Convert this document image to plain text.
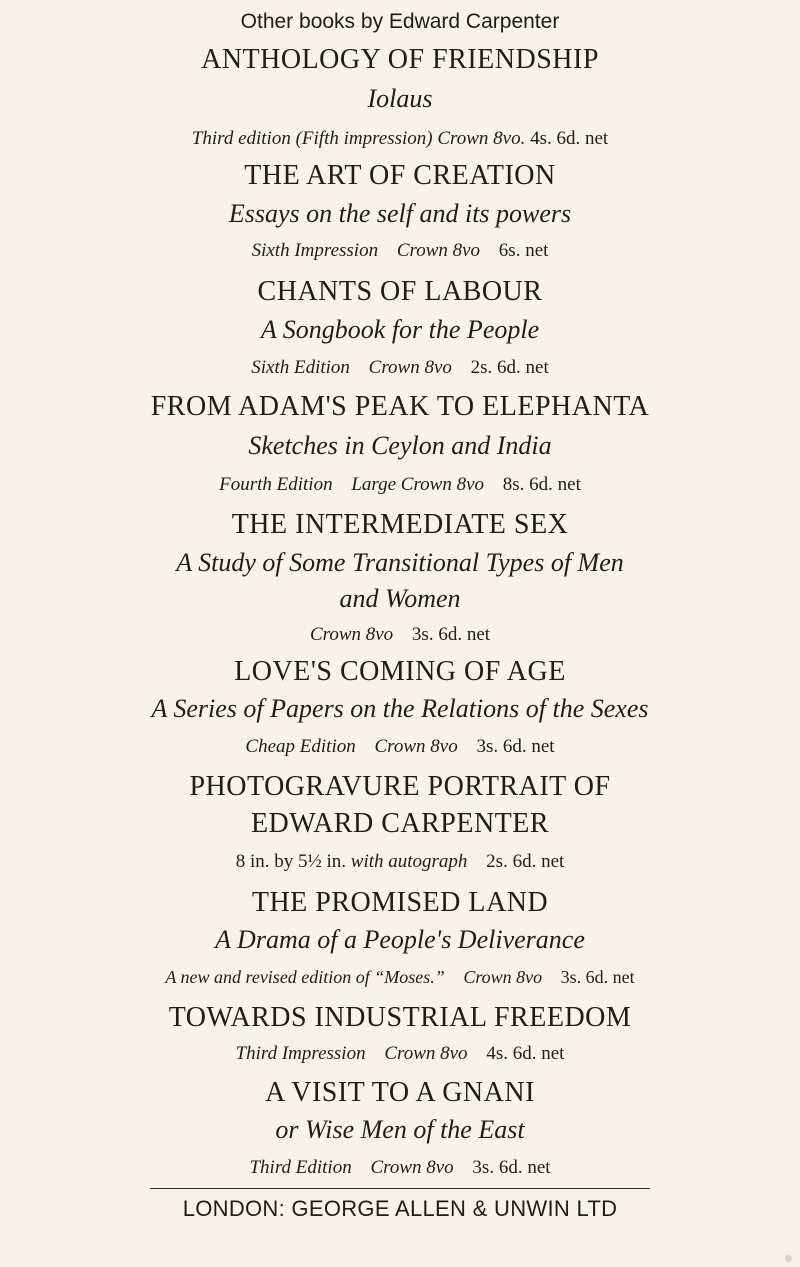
Other books by Edward Carpenter
ANTHOLOGY OF FRIENDSHIP
Iolaus
Third edition (Fifth impression) Crown 8vo. 4s. 6d. net
THE ART OF CREATION
Essays on the self and its powers
Sixth Impression Crown 8vo 6s. net
CHANTS OF LABOUR
A Songbook for the People
Sixth Edition Crown 8vo 2s. 6d. net
FROM ADAM'S PEAK TO ELEPHANTA
Sketches in Ceylon and India
Fourth Edition Large Crown 8vo 8s. 6d. net
THE INTERMEDIATE SEX
A Study of Some Transitional Types of Men
and Women
Crown 8vo 3s. 6d. net
LOVE'S COMING OF AGE
A Series of Papers on the Relations of the Sexes
Cheap Edition Crown 8vo 3s. 6d. net
PHOTOGRAVURE PORTRAIT OF
EDWARD CARPENTER
8 in. by 5½ in. with autograph 2s. 6d. net
THE PROMISED LAND
A Drama of a People's Deliverance
A new and revised edition of “Moses.” Crown 8vo 3s. 6d. net
TOWARDS INDUSTRIAL FREEDOM
Third Impression Crown 8vo 4s. 6d. net
A VISIT TO A GNANI
or Wise Men of the East
Third Edition Crown 8vo 3s. 6d. net
LONDON: GEORGE ALLEN & UNWIN LTD
